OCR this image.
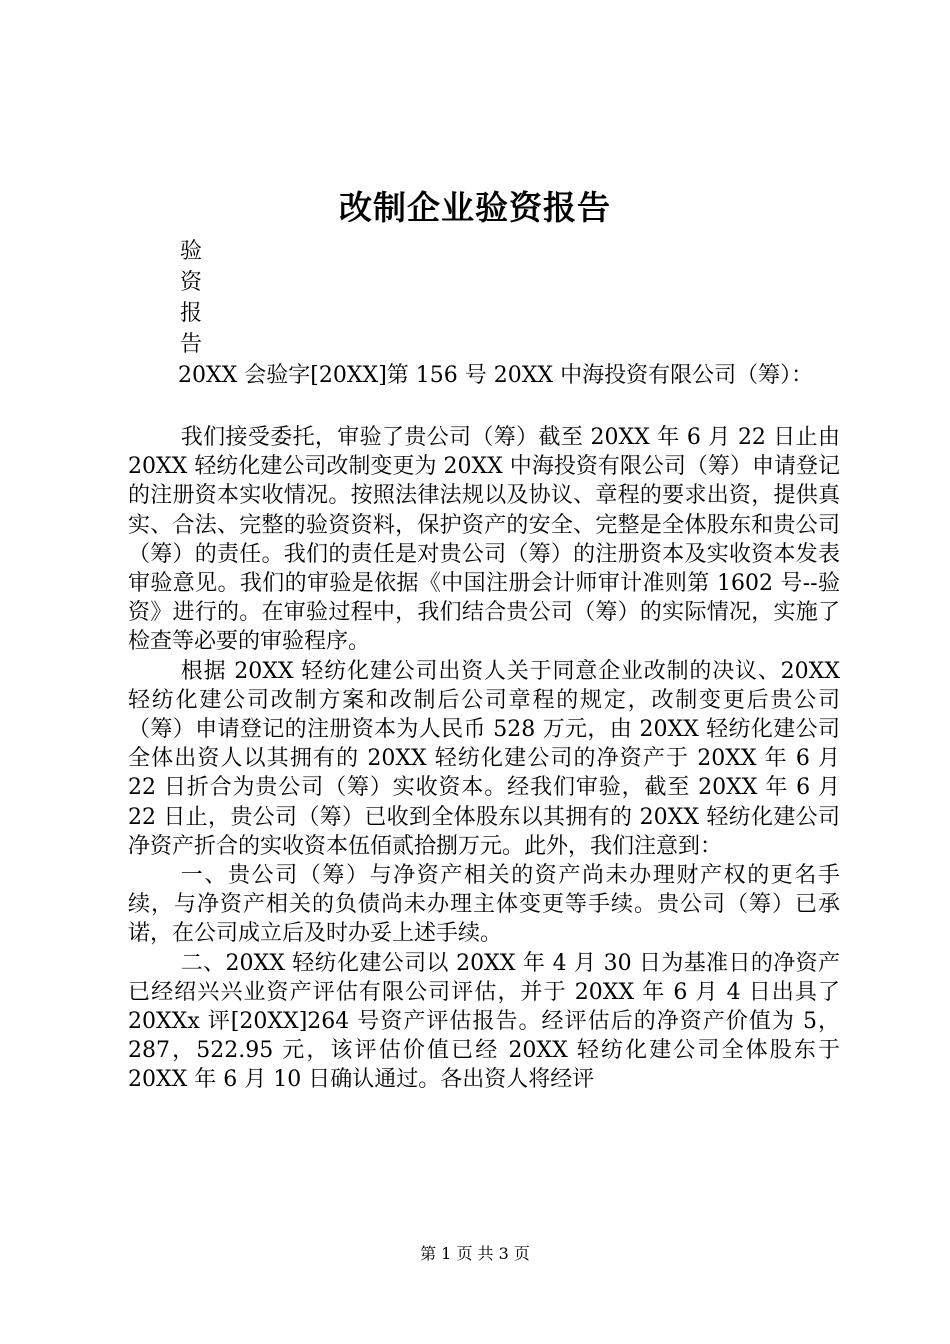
改制企业验资报告
验
资
报
告
20XX 会验字[20XX]第 156 号 20XX 中海投资有限公司（筹）：

我们接受委托，审验了贵公司（筹）截至 20XX 年 6 月 22 日止由 20XX 轻纺化建公司改制变更为 20XX 中海投资有限公司（筹）申请登记的注册资本实收情况。按照法律法规以及协议、章程的要求出资，提供真实、合法、完整的验资资料，保护资产的安全、完整是全体股东和贵公司（筹）的责任。我们的责任是对贵公司（筹）的注册资本及实收资本发表审验意见。我们的审验是依据《中国注册会计师审计准则第 1602 号--验资》进行的。在审验过程中，我们结合贵公司（筹）的实际情况，实施了检查等必要的审验程序。

根据 20XX 轻纺化建公司出资人关于同意企业改制的决议、20XX 轻纺化建公司改制方案和改制后公司章程的规定，改制变更后贵公司（筹）申请登记的注册资本为人民币 528 万元，由 20XX 轻纺化建公司全体出资人以其拥有的 20XX 轻纺化建公司的净资产于 20XX 年 6 月 22 日折合为贵公司（筹）实收资本。经我们审验，截至 20XX 年 6 月 22 日止，贵公司（筹）已收到全体股东以其拥有的 20XX 轻纺化建公司净资产折合的实收资本伍佰贰拾捌万元。此外，我们注意到：

一、贵公司（筹）与净资产相关的资产尚未办理财产权的更名手续，与净资产相关的负债尚未办理主体变更等手续。贵公司（筹）已承诺，在公司成立后及时办妥上述手续。

二、20XX 轻纺化建公司以 20XX 年 4 月 30 日为基准日的净资产已经绍兴兴业资产评估有限公司评估，并于 20XX 年 6 月 4 日出具了 20XXx 评[20XX]264 号资产评估报告。经评估后的净资产价值为 5，287，522.95 元，该评估价值已经 20XX 轻纺化建公司全体股东于 20XX 年 6 月 10 日确认通过。各出资人将经评

第 1 页 共 3 页
